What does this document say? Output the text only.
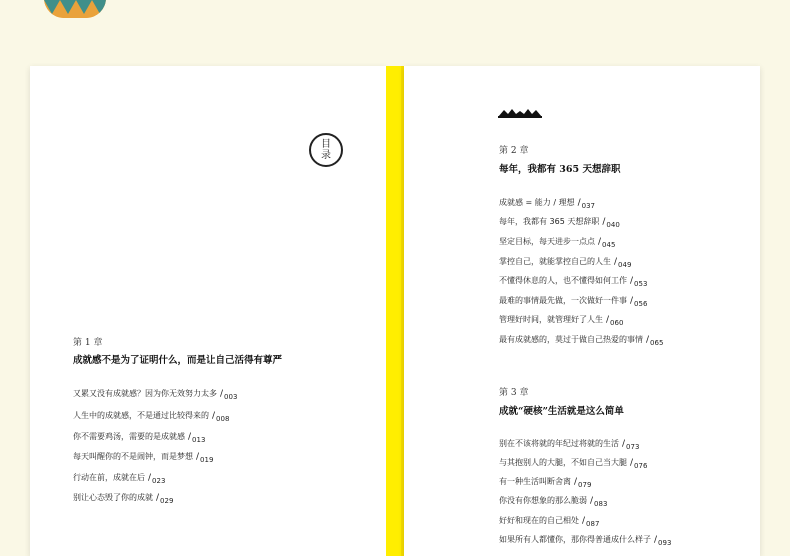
目
录
第 1 章
成就感不是为了证明什么，而是让自己活得有尊严
又累又没有成就感？因为你无效努力太多 /003
人生中的成就感，不是通过比较得来的 /008
你不需要鸡汤，需要的是成就感 /013
每天叫醒你的不是闹钟，而是梦想 /019
行动在前，成就在后 /023
别让心态毁了你的成就 /029
第 2 章
每年，我都有 365 天想辞职
成就感 = 能力 / 理想 /037
每年，我都有 365 天想辞职 /040
坚定目标，每天进步一点点 /045
掌控自己，就能掌控自己的人生 /049
不懂得休息的人，也不懂得如何工作 /053
最难的事情最先做，一次做好一件事 /056
管理好时间，就管理好了人生 /060
最有成就感的，莫过于做自己热爱的事情 /065
第 3 章
成就“硬核”生活就是这么简单
别在不该将就的年纪过将就的生活 /073
与其抱别人的大腿，不如自己当大腿 /076
有一种生活叫断舍离 /079
你没有你想象的那么脆弱 /083
好好和现在的自己相处 /087
如果所有人都懂你，那你得普通成什么样子 /093
